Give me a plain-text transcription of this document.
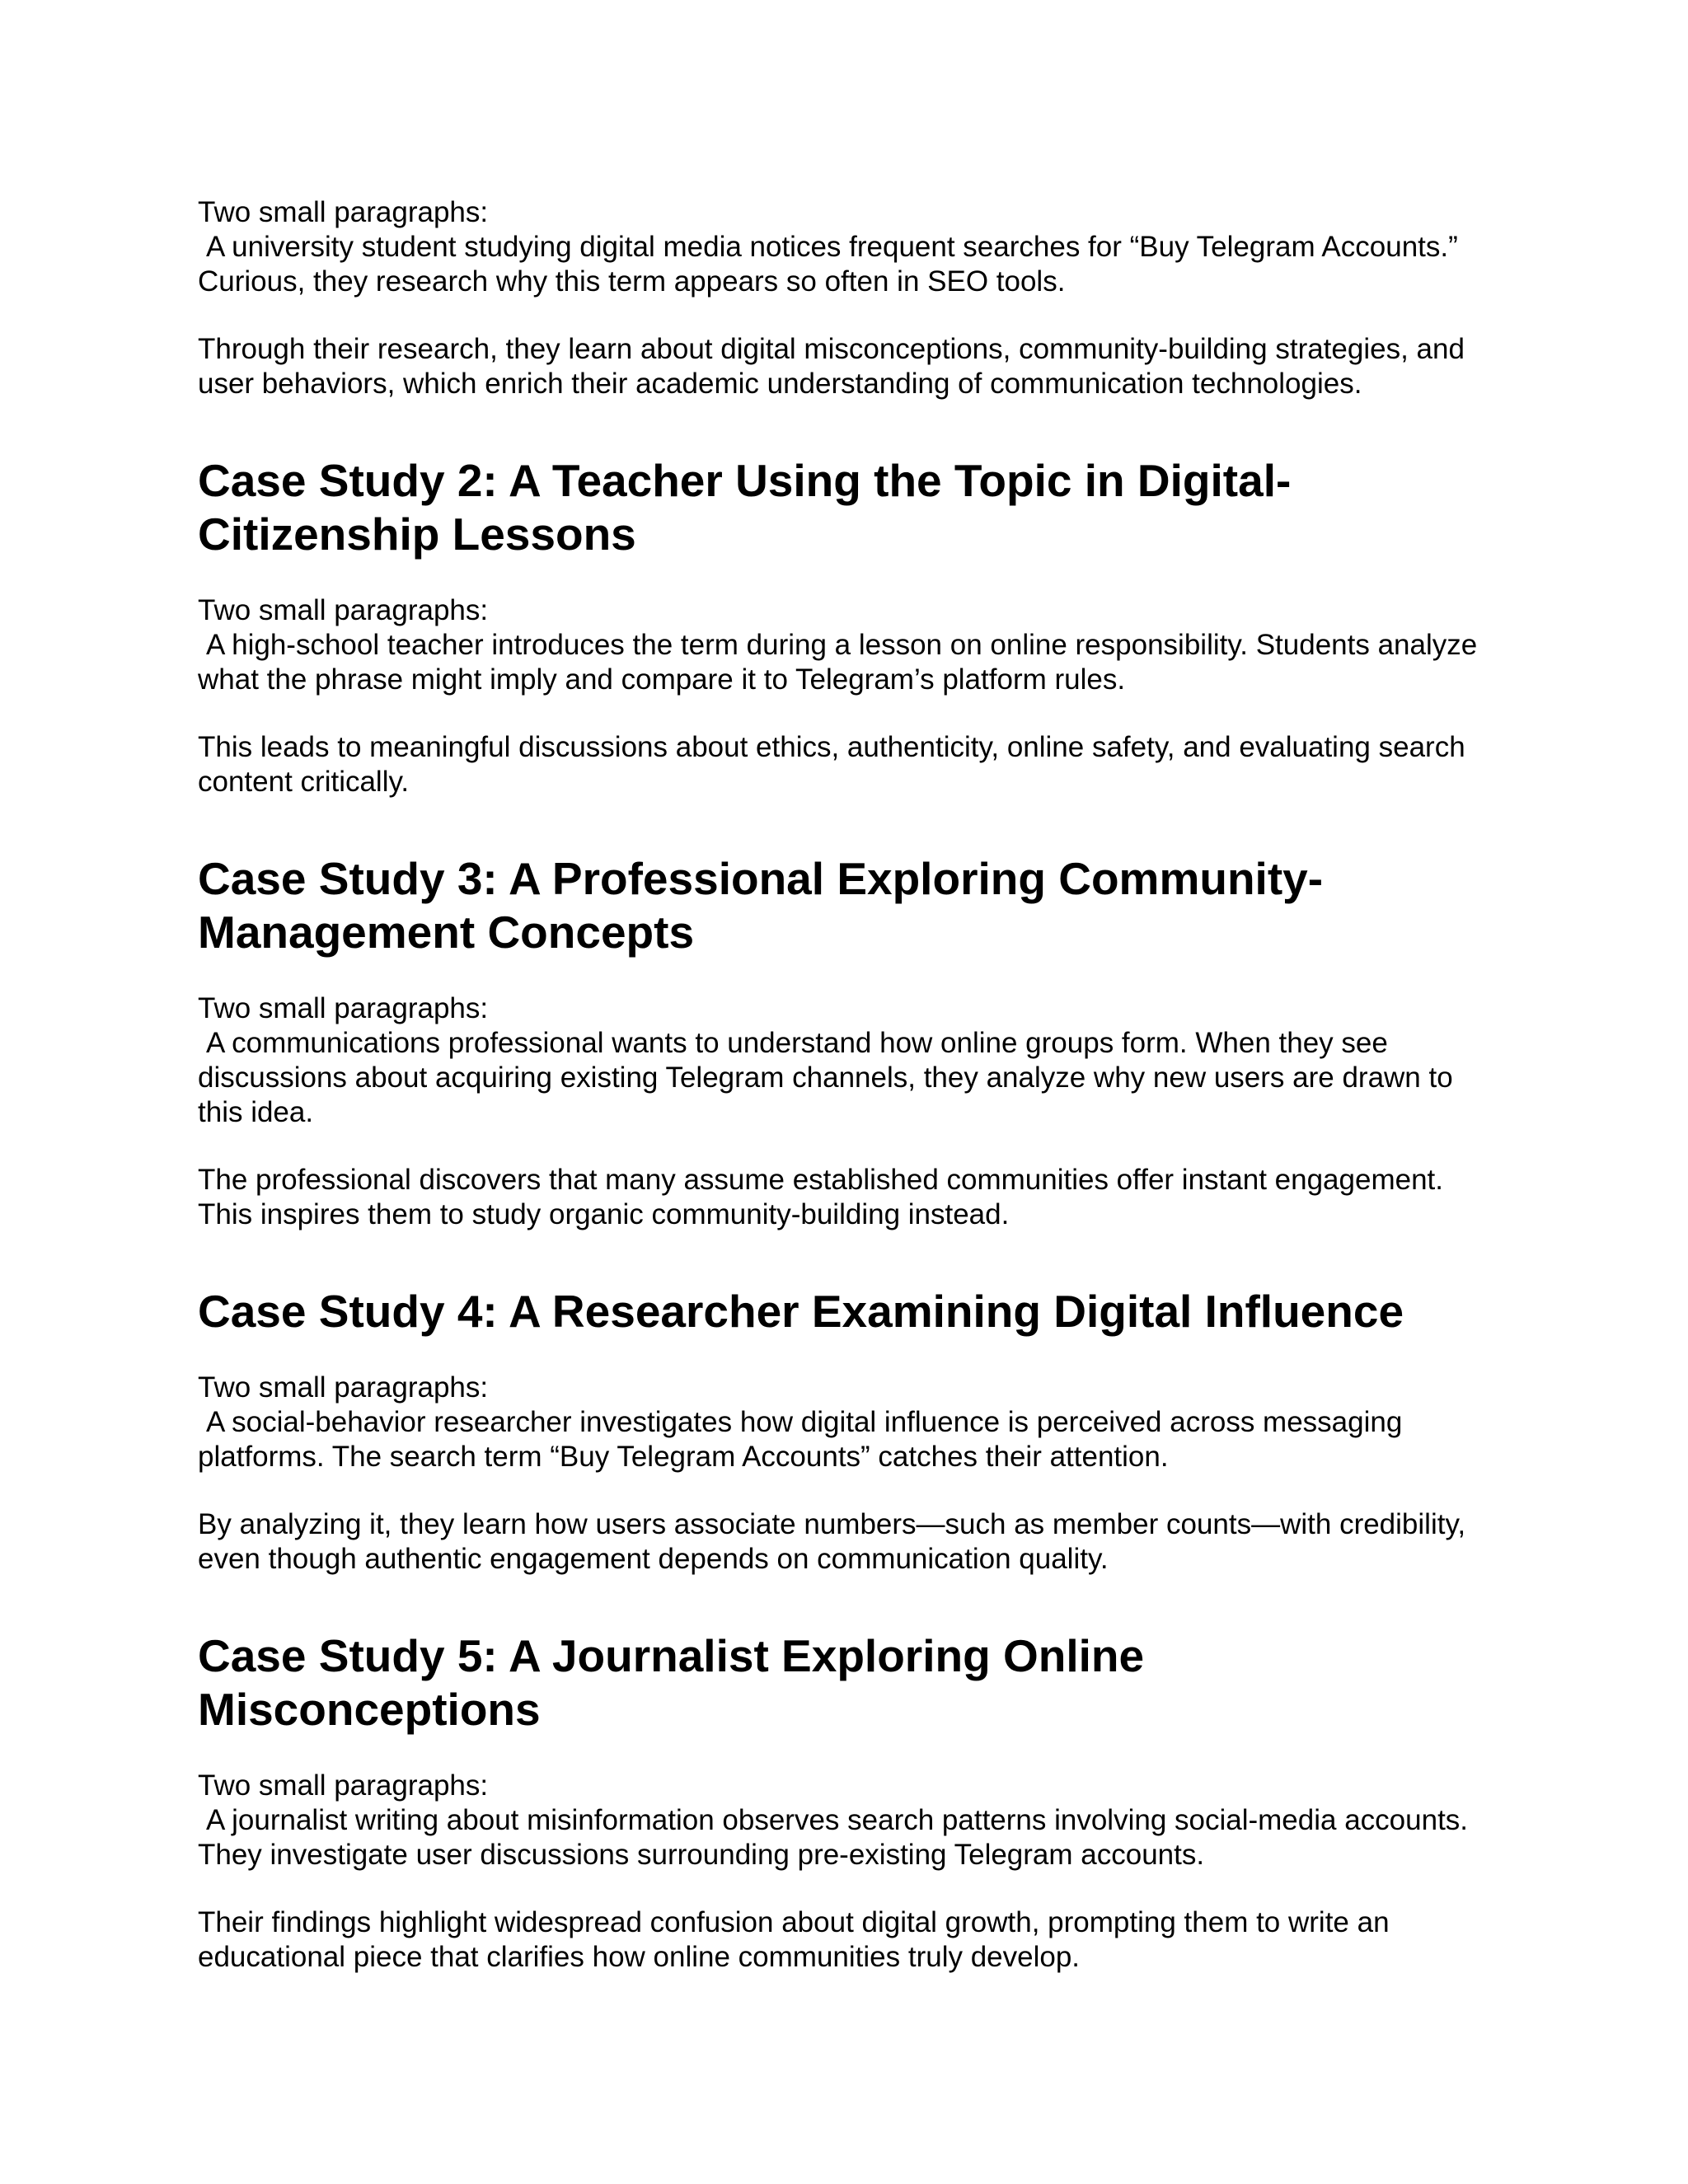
Two small paragraphs:

A university student studying digital media notices frequent searches for “Buy Telegram Accounts.” Curious, they research why this term appears so often in SEO tools.

Through their research, they learn about digital misconceptions, community-building strategies, and user behaviors, which enrich their academic understanding of communication technologies.

Case Study 2: A Teacher Using the Topic in Digital-Citizenship Lessons

Two small paragraphs:

A high-school teacher introduces the term during a lesson on online responsibility. Students analyze what the phrase might imply and compare it to Telegram’s platform rules.

This leads to meaningful discussions about ethics, authenticity, online safety, and evaluating search content critically.

Case Study 3: A Professional Exploring Community-Management Concepts

Two small paragraphs:

A communications professional wants to understand how online groups form. When they see discussions about acquiring existing Telegram channels, they analyze why new users are drawn to this idea.

The professional discovers that many assume established communities offer instant engagement. This inspires them to study organic community-building instead.

Case Study 4: A Researcher Examining Digital Influence

Two small paragraphs:

A social-behavior researcher investigates how digital influence is perceived across messaging platforms. The search term “Buy Telegram Accounts” catches their attention.

By analyzing it, they learn how users associate numbers—such as member counts—with credibility, even though authentic engagement depends on communication quality.

Case Study 5: A Journalist Exploring Online Misconceptions

Two small paragraphs:

A journalist writing about misinformation observes search patterns involving social-media accounts. They investigate user discussions surrounding pre-existing Telegram accounts.

Their findings highlight widespread confusion about digital growth, prompting them to write an educational piece that clarifies how online communities truly develop.
